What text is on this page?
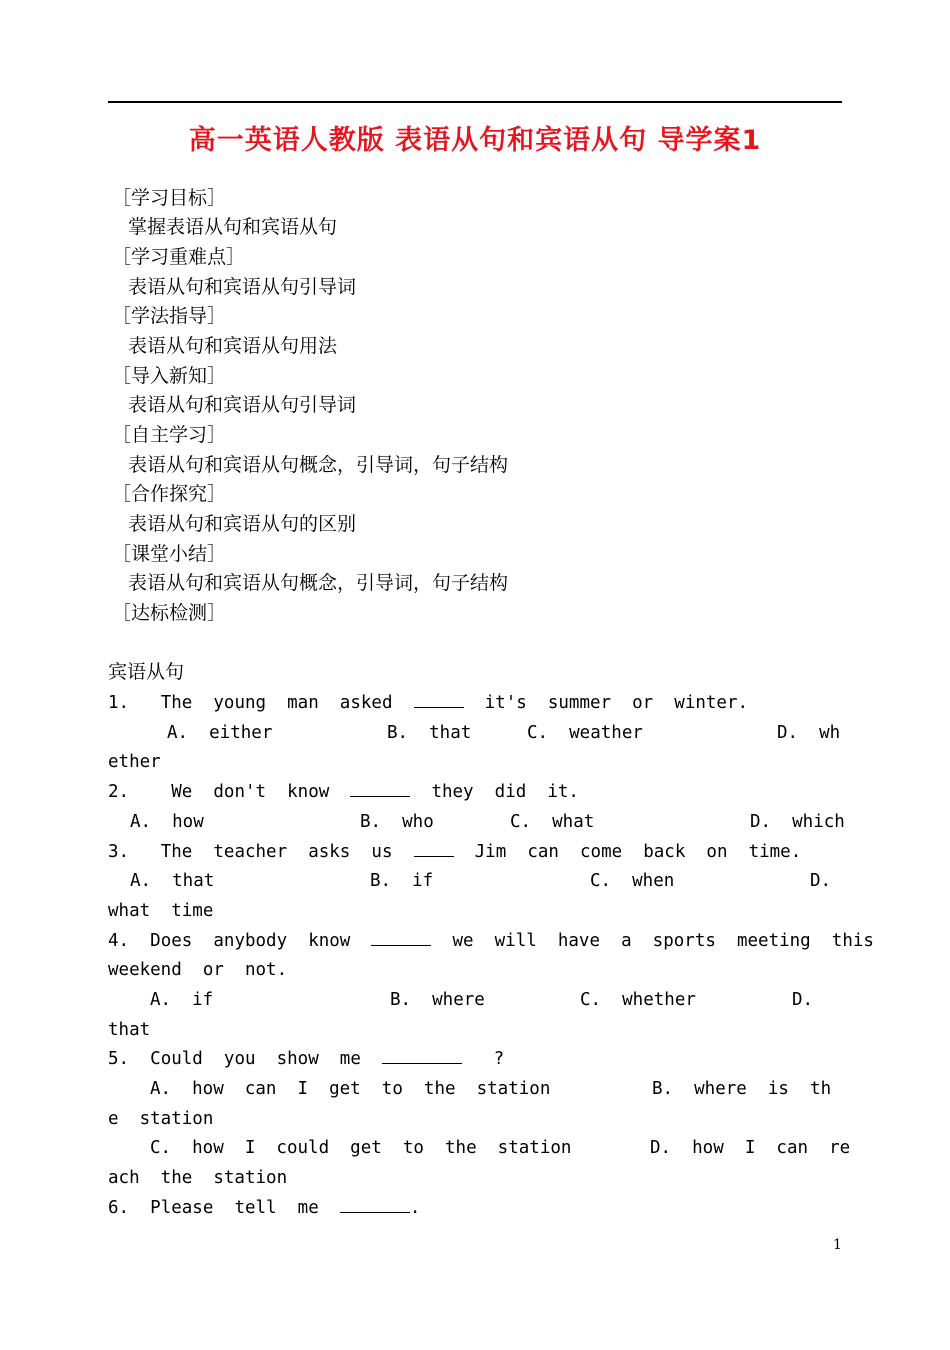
高一英语人教版 表语从句和宾语从句 导学案1
［学习目标］
掌握表语从句和宾语从句
［学习重难点］
表语从句和宾语从句引导词
［学法指导］
表语从句和宾语从句用法
［导入新知］
表语从句和宾语从句引导词
［自主学习］
表语从句和宾语从句概念，引导词，句子结构
［合作探究］
表语从句和宾语从句的区别
［课堂小结］
表语从句和宾语从句概念，引导词，句子结构
［达标检测］
宾语从句
1. The  young  man  asked	it's  summer  or  winter.
A.  either	B.  that	C.  weather	D.  wh
ether
2. We  don't  know	they  did  it.
A.  how	B.  who	C.  what	D.  which
3. The  teacher  asks  us	Jim  can  come  back  on  time.
A.  that	B.  if	C.  when	D.
what  time
4. Does  anybody  know	we  will  have  a  sports  meeting  this
weekend  or  not.
A.  if	B.  where	C.  whether	D.
that
5. Could  you  show  me	?
A.  how  can  I  get  to  the  station	B.  where  is  th
e  station
C.  how  I  could  get  to  the  station	D.  how  I  can  re
ach  the  station
6. Please  tell  me	.
1
